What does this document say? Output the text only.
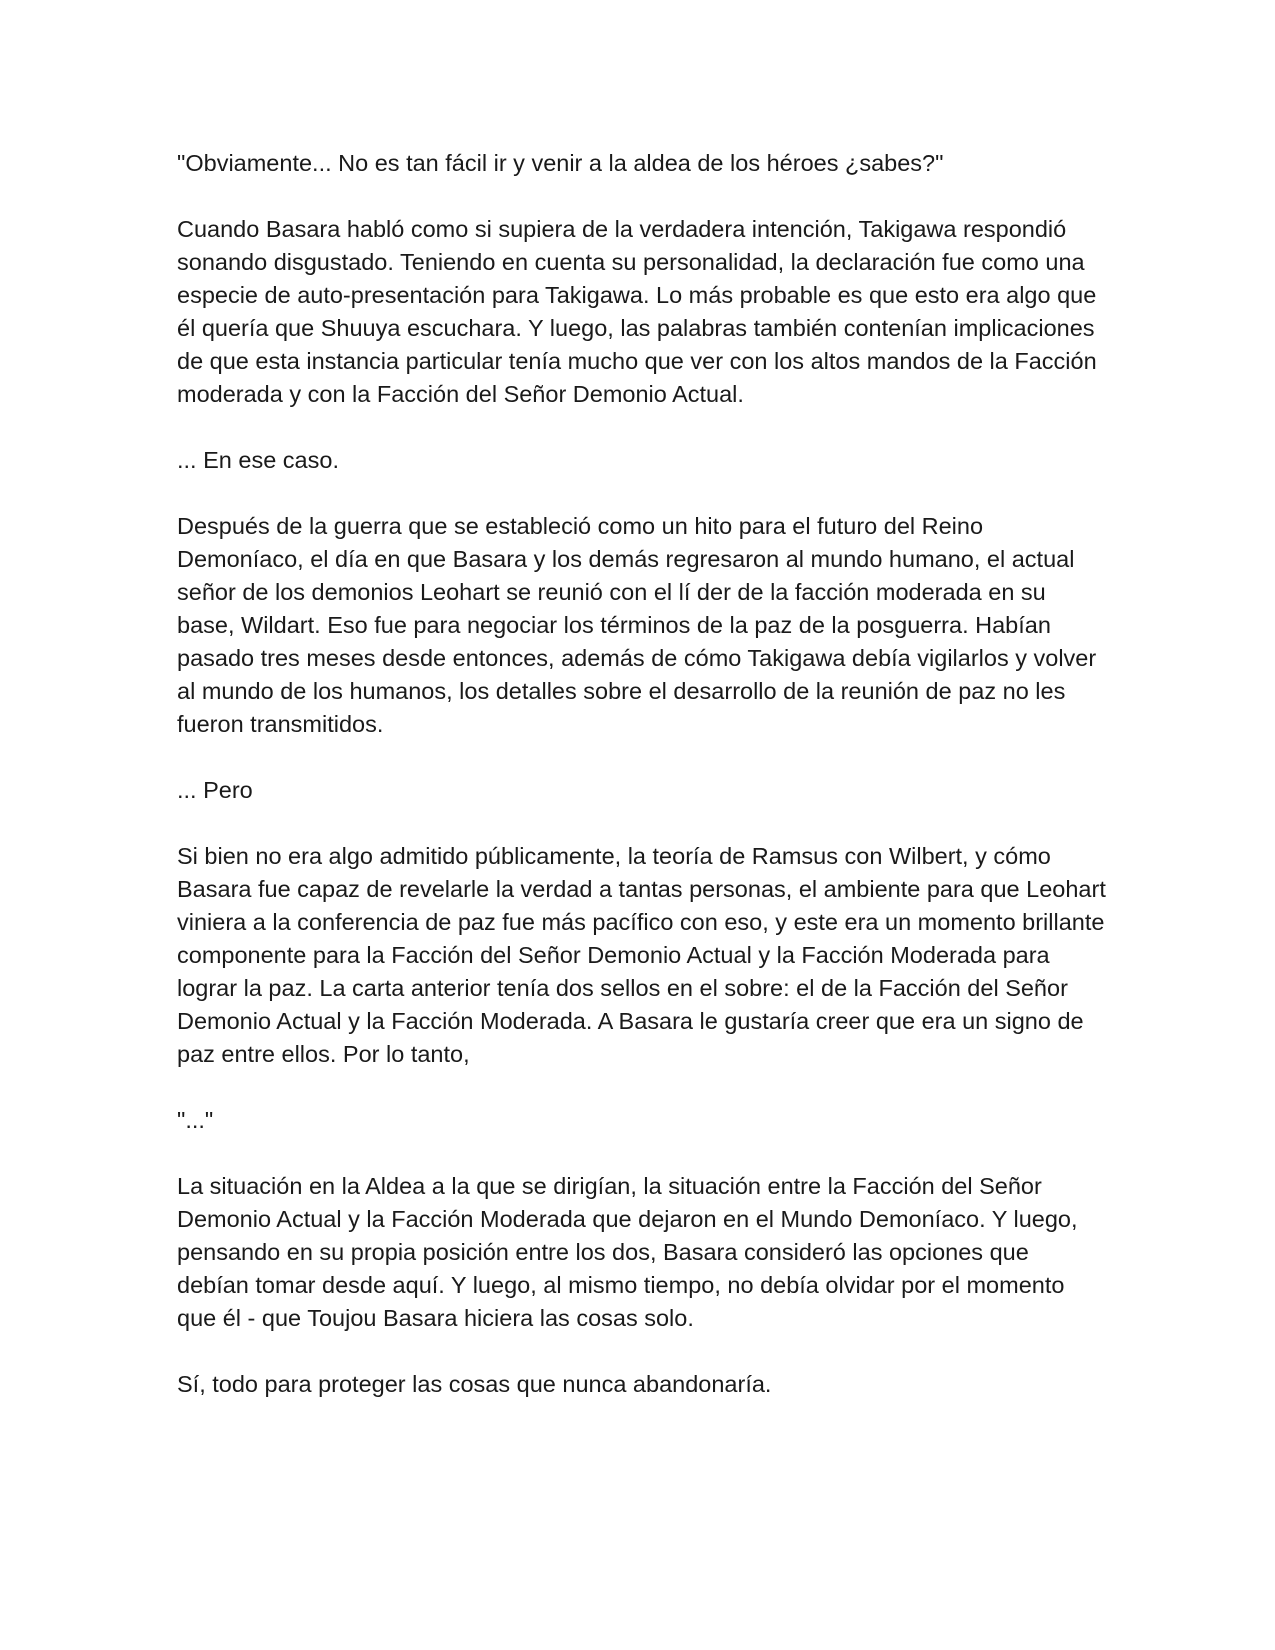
"Obviamente... No es tan fácil ir y venir a la aldea de los héroes ¿sabes?"

Cuando Basara habló como si supiera de la verdadera intención, Takigawa respondió sonando disgustado. Teniendo en cuenta su personalidad, la declaración fue como una especie de auto-presentación para Takigawa. Lo más probable es que esto era algo que él quería que Shuuya escuchara. Y luego, las palabras también contenían implicaciones de que esta instancia particular tenía mucho que ver con los altos mandos de la Facción moderada y con la Facción del Señor Demonio Actual.

... En ese caso.

Después de la guerra que se estableció como un hito para el futuro del Reino Demoníaco, el día en que Basara y los demás regresaron al mundo humano, el actual señor de los demonios Leohart se reunió con el lí der de la facción moderada en su base, Wildart. Eso fue para negociar los términos de la paz de la posguerra. Habían pasado tres meses desde entonces, además de cómo Takigawa debía vigilarlos y volver al mundo de los humanos, los detalles sobre el desarrollo de la reunión de paz no les fueron transmitidos.

... Pero

Si bien no era algo admitido públicamente, la teoría de Ramsus con Wilbert, y cómo Basara fue capaz de revelarle la verdad a tantas personas, el ambiente para que Leohart viniera a la conferencia de paz fue más pacífico con eso, y este era un momento brillante componente para la Facción del Señor Demonio Actual y la Facción Moderada para lograr la paz. La carta anterior tenía dos sellos en el sobre: el de la Facción del Señor Demonio Actual y la Facción Moderada. A Basara le gustaría creer que era un signo de paz entre ellos. Por lo tanto,

"..."

La situación en la Aldea a la que se dirigían, la situación entre la Facción del Señor Demonio Actual y la Facción Moderada que dejaron en el Mundo Demoníaco. Y luego, pensando en su propia posición entre los dos, Basara consideró las opciones que debían tomar desde aquí. Y luego, al mismo tiempo, no debía olvidar por el momento que él - que Toujou Basara hiciera las cosas solo.

Sí, todo para proteger las cosas que nunca abandonaría.
